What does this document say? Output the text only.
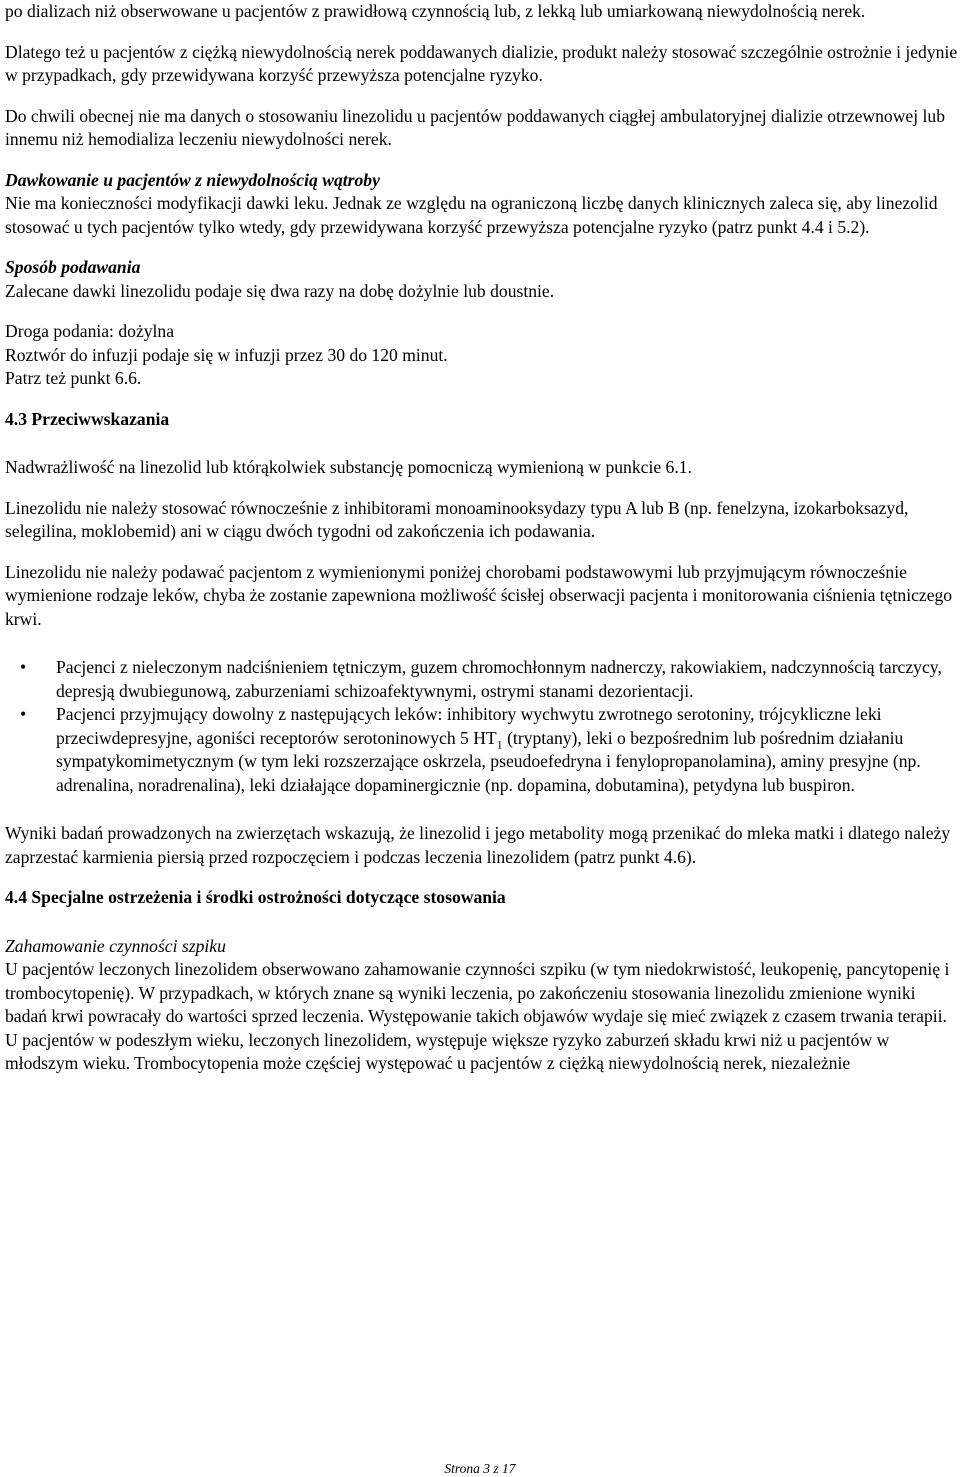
po dializach niż obserwowane u pacjentów z prawidłową czynnością lub, z lekką lub umiarkowaną niewydolnością nerek.

Dlatego też u pacjentów z ciężką niewydolnością nerek poddawanych dializie, produkt należy stosować szczególnie ostrożnie i jedynie w przypadkach, gdy przewidywana korzyść przewyższa potencjalne ryzyko.

Do chwili obecnej nie ma danych o stosowaniu linezolidu u pacjentów poddawanych ciągłej ambulatoryjnej dializie otrzewnowej lub innemu niż hemodializa leczeniu niewydolności nerek.

Dawkowanie u pacjentów z niewydolnością wątroby

Nie ma konieczności modyfikacji dawki leku. Jednak ze względu na ograniczoną liczbę danych klinicznych zaleca się, aby linezolid stosować u tych pacjentów tylko wtedy, gdy przewidywana korzyść przewyższa potencjalne ryzyko (patrz punkt 4.4 i 5.2).

Sposób podawania

Zalecane dawki linezolidu podaje się dwa razy na dobę dożylnie lub doustnie.

Droga podania: dożylna

Roztwór do infuzji podaje się w infuzji przez 30 do 120 minut.

Patrz też punkt 6.6.

4.3 Przeciwwskazania

Nadwrażliwość na linezolid lub którąkolwiek substancję pomocniczą wymienioną w punkcie 6.1.

Linezolidu nie należy stosować równocześnie z inhibitorami monoaminooksydazy typu A lub B (np. fenelzyna, izokarboksazyd, selegilina, moklobemid) ani w ciągu dwóch tygodni od zakończenia ich podawania.

Linezolidu nie należy podawać pacjentom z wymienionymi poniżej chorobami podstawowymi lub przyjmującym równocześnie wymienione rodzaje leków, chyba że zostanie zapewniona możliwość ścisłej obserwacji pacjenta i monitorowania ciśnienia tętniczego krwi.

• Pacjenci z nieleczonym nadciśnieniem tętniczym, guzem chromochłonnym nadnerczy, rakowiakiem, nadczynnością tarczycy, depresją dwubiegunową, zaburzeniami schizoafektywnymi, ostrymi stanami dezorientacji.
• Pacjenci przyjmujący dowolny z następujących leków: inhibitory wychwytu zwrotnego serotoniny, trójcykliczne leki przeciwdepresyjne, agoniści receptorów serotoninowych 5 $HT_1$ (tryptany), leki o bezpośrednim lub pośrednim działaniu sympatykomimetycznym (w tym leki rozszerzające oskrzela, pseudoefedryna i fenylopropanolamina), aminy presyjne (np. adrenalina, noradrenalina), leki działające dopaminergicznie (np. dopamina, dobutamina), petydyna lub buspiron.

Wyniki badań prowadzonych na zwierzętach wskazują, że linezolid i jego metabolity mogą przenikać do mleka matki i dlatego należy zaprzestać karmienia piersią przed rozpoczęciem i podczas leczenia linezolidem (patrz punkt 4.6).

4.4 Specjalne ostrzeżenia i środki ostrożności dotyczące stosowania

Zahamowanie czynności szpiku

U pacjentów leczonych linezolidem obserwowano zahamowanie czynności szpiku (w tym niedokrwistość, leukopenię, pancytopenię i trombocytopenię). W przypadkach, w których znane są wyniki leczenia, po zakończeniu stosowania linezolidu zmienione wyniki badań krwi powracały do wartości sprzed leczenia. Występowanie takich objawów wydaje się mieć związek z czasem trwania terapii. U pacjentów w podeszłym wieku, leczonych linezolidem, występuje większe ryzyko zaburzeń składu krwi niż u pacjentów w młodszym wieku. Trombocytopenia może częściej występować u pacjentów z ciężką niewydolnością nerek, niezależnie

Strona 3 z 17
